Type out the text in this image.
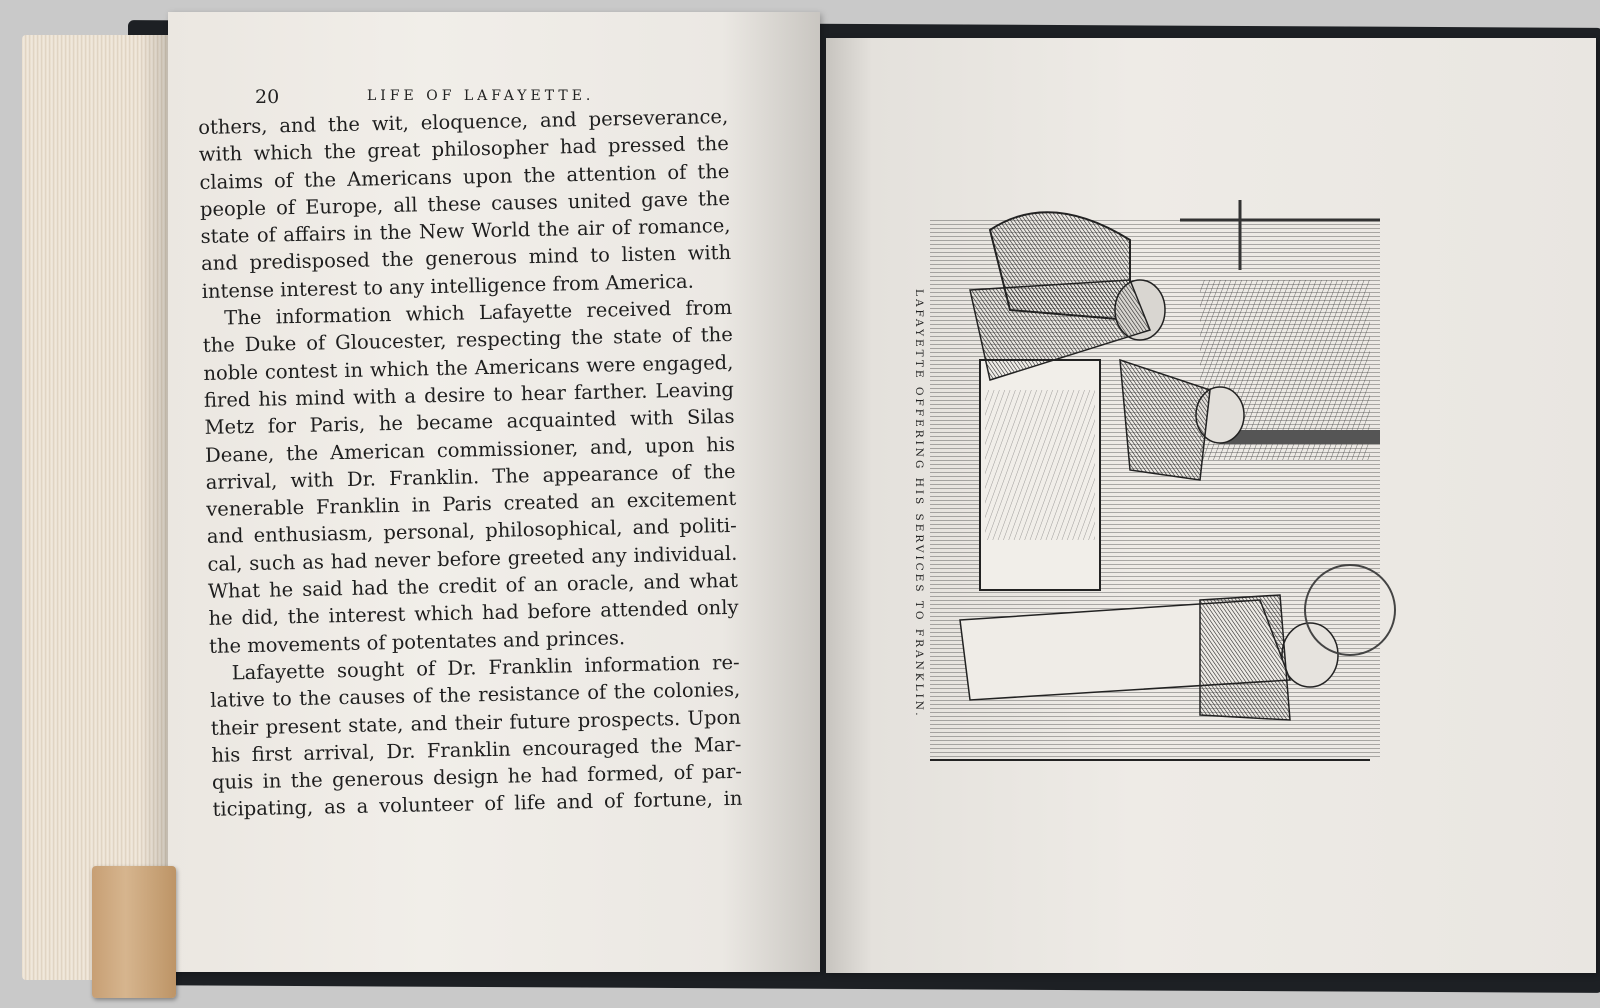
20	LIFE OF LAFAYETTE.
others, and the wit, eloquence, and perseverance,
with which the great philosopher had pressed the
claims of the Americans upon the attention of the
people of Europe, all these causes united gave the
state of affairs in the New World the air of romance,
and predisposed the generous mind to listen with
intense interest to any intelligence from America.
The information which Lafayette received from
the Duke of Gloucester, respecting the state of the
noble contest in which the Americans were engaged,
fired his mind with a desire to hear farther. Leaving
Metz for Paris, he became acquainted with Silas
Deane, the American commissioner, and, upon his
arrival, with Dr. Franklin. The appearance of the
venerable Franklin in Paris created an excitement
and enthusiasm, personal, philosophical, and politi-
cal, such as had never before greeted any individual.
What he said had the credit of an oracle, and what
he did, the interest which had before attended only
the movements of potentates and princes.
Lafayette sought of Dr. Franklin information re-
lative to the causes of the resistance of the colonies,
their present state, and their future prospects. Upon
his first arrival, Dr. Franklin encouraged the Mar-
quis in the generous design he had formed, of par-
ticipating, as a volunteer of life and of fortune, in
LAFAYETTE OFFERING HIS SERVICES TO FRANKLIN.
